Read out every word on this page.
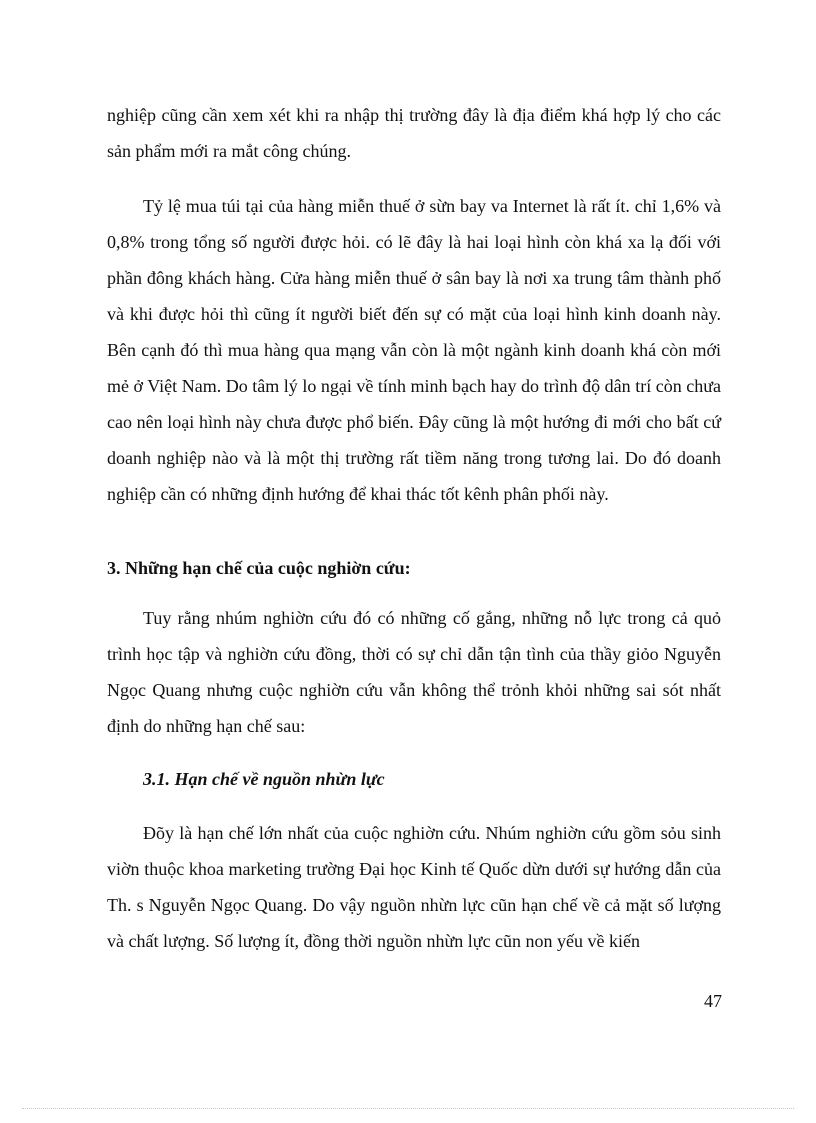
nghiệp cũng cần xem xét khi ra nhập thị trường đây là địa điểm khá hợp lý cho các sản phẩm mới ra mắt công chúng.

Tỷ lệ mua túi tại của hàng miễn thuế ở sừn bay va Internet là rất ít. chỉ 1,6% và 0,8% trong tổng số người được hỏi. có lẽ đây là hai loại hình còn khá xa lạ đối với phần đông khách hàng. Cửa hàng miễn thuế ở sân bay là nơi xa trung tâm thành phố và khi được hỏi thì cũng ít người biết đến sự có mặt của loại hình kinh doanh này. Bên cạnh đó thì mua hàng qua mạng vẫn còn là một ngành kinh doanh khá còn mới mẻ ở Việt Nam. Do tâm lý lo ngại về tính minh bạch hay do trình độ dân trí còn chưa cao nên loại hình này chưa được phổ biến. Đây cũng là một hướng đi mới cho bất cứ doanh nghiệp nào và là một thị trường rất tiềm năng trong tương lai. Do đó doanh nghiệp cần có những định hướng để khai thác tốt kênh phân phối này.

3. Những hạn chế của cuộc nghiờn cứu:

Tuy rằng nhúm nghiờn cứu đó có những cố gắng, những nỗ lực trong cả quỏ trình học tập và nghiờn cứu đồng, thời có sự chỉ dẫn tận tình của thầy giỏo Nguyễn Ngọc Quang nhưng cuộc nghiờn cứu vẫn không thể trỏnh khỏi những sai sót nhất định do những hạn chế sau:

3.1. Hạn chế về nguồn nhừn lực

Đõy là hạn chế lớn nhất của cuộc nghiờn cứu. Nhúm nghiờn cứu gồm sỏu sinh viờn thuộc khoa marketing trường Đại học Kinh tế Quốc dừn dưới sự hướng dẫn của Th. s Nguyễn Ngọc Quang. Do vậy nguồn nhừn lực cũn hạn chế về cả mặt số lượng và chất lượng. Số lượng ít, đồng thời nguồn nhừn lực cũn non yếu về kiến

47
